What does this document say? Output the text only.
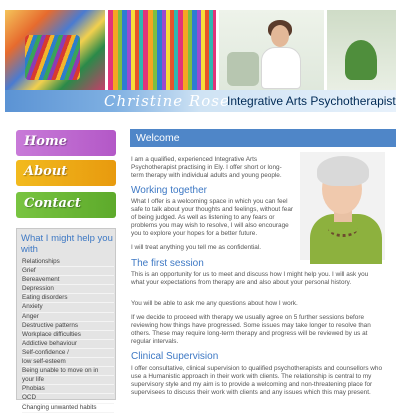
Christine Rose
Integrative Arts Psychotherapist
Home
About
Contact
What I might help you with
Relationships
Grief
Bereavement
Depression
Eating disorders
Anxiety
Anger
Destructive patterns
Workplace difficulties
Addictive behaviour
Self-confidence /
low self-esteem
Being unable to move on in
your life
Phobias
OCD
Changing unwanted habits
Welcome
I am a qualified, experienced Integrative Arts Psychotherapist practising in Ely. I offer short or long-term therapy with individual adults and young people.
Working together
What I offer is a welcoming space in which you can feel safe to talk about your thoughts and feelings, without fear of being judged. As well as listening to any fears or problems you may wish to resolve, I will also encourage you to explore your hopes for a better future.
I will treat anything you tell me as confidential.
The first session
This is an opportunity for us to meet and discuss how I might help you. I will ask you what your expectations from therapy are and also about your personal history.
You will be able to ask me any questions about how I work.
If we decide to proceed with therapy we usually agree on 5 further sessions before reviewing how things have progressed. Some issues may take longer to resolve than others. These may require long-term therapy and progress will be reviewed by us at regular intervals.
Clinical Supervision
I offer consultative, clinical supervision to qualified psychotherapists and counsellors who use a Humanistic approach in their work with clients. The relationship is central to my supervisory style and my aim is to provide a welcoming and non-threatening place for supervisees to discuss their work with clients and any issues which this may present.
